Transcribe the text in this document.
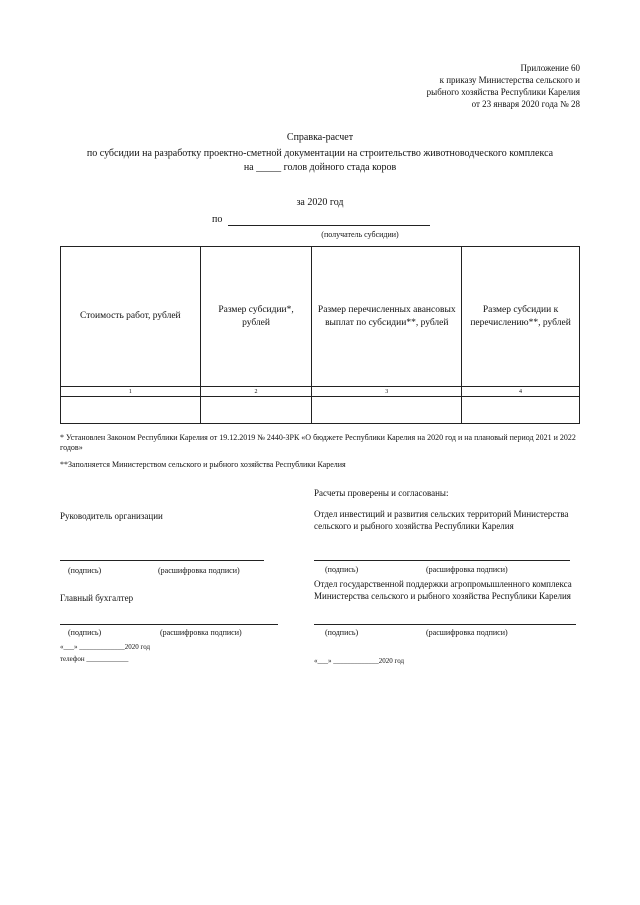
Приложение 60
к приказу Министерства сельского и
рыбного хозяйства Республики Карелия
от 23 января 2020 года № 28
Справка-расчет
по субсидии на разработку проектно-сметной документации на строительство животноводческого комплекса
на _____ голов дойного стада коров
за 2020 год
по
(получатель субсидии)
Стоимость работ, рублей	Размер субсидии*, рублей	Размер перечисленных авансовых выплат по субсидии**, рублей	Размер субсидии к перечислению**, рублей
1	2	3	4

* Установлен Законом Республики Карелия от 19.12.2019 № 2440-ЗРК «О бюджете Республики Карелия на 2020 год и на плановый период 2021 и 2022 годов»
**Заполняется Министерством сельского и рыбного хозяйства Республики Карелия
Расчеты проверены и согласованы:
Отдел инвестиций и развития сельских территорий Министерства сельского и рыбного хозяйства Республики Карелия
(подпись)	(расшифровка подписи)
Отдел государственной поддержки агропромышленного комплекса Министерства сельского и рыбного хозяйства Республики Карелия
(подпись)	(расшифровка подписи)
«___» _____________2020 год
Руководитель организации
(подпись)	(расшифровка подписи)
Главный бухгалтер
(подпись)	(расшифровка подписи)
«___» _____________2020 год
телефон ____________
